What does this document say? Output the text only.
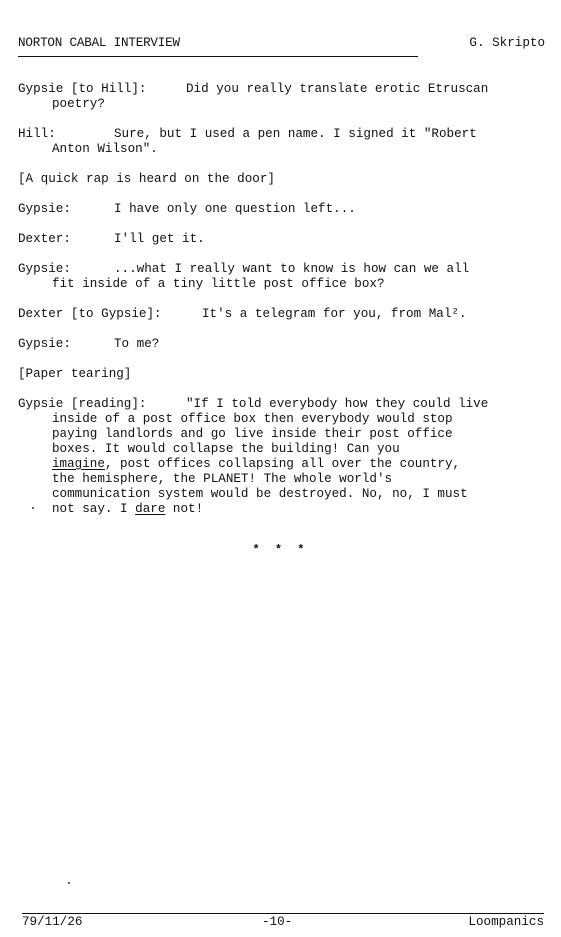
NORTON CABAL INTERVIEW	G. Skripto
Gypsie [to Hill]:	Did you really translate erotic Etruscan
poetry?
Hill:	Sure, but I used a pen name. I signed it "Robert
Anton Wilson".
[A quick rap is heard on the door]
Gypsie:	I have only one question left...
Dexter:	I'll get it.
Gypsie:	...what I really want to know is how can we all
fit inside of a tiny little post office box?
Dexter [to Gypsie]:	It's a telegram for you, from Mal².
Gypsie:	To me?
[Paper tearing]
Gypsie [reading]:	"If I told everybody how they could live
inside of a post office box then everybody would stop
paying landlords and go live inside their post office
boxes. It would collapse the building! Can you
imagine, post offices collapsing all over the country,
the hemisphere, the PLANET! The whole world's
communication system would be destroyed. No, no, I must
not say. I dare not!
* * *
79/11/26	-10-	Loompanics
